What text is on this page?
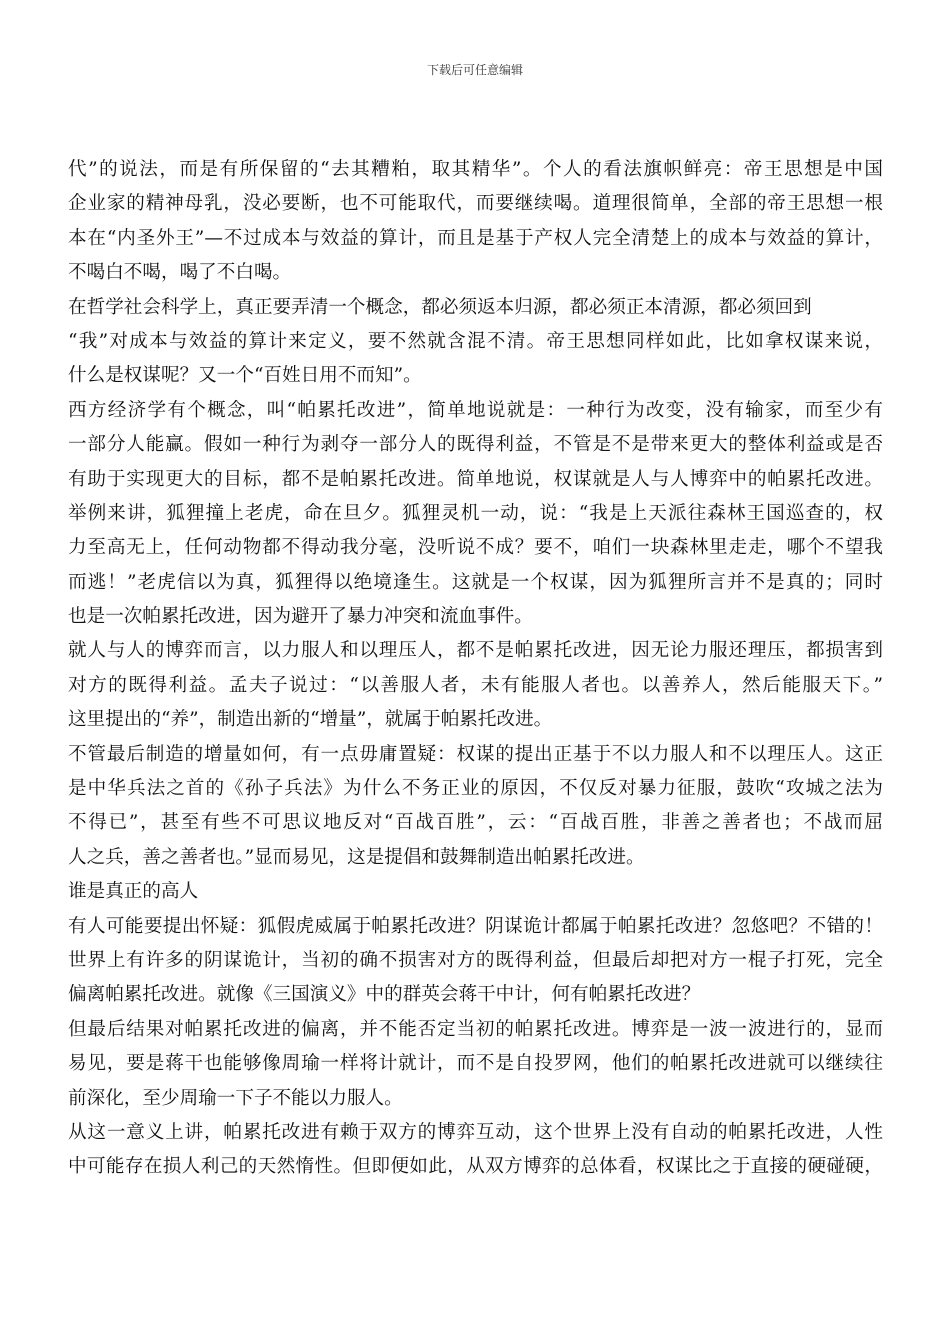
下载后可任意编辑
代”的说法，而是有所保留的“去其糟粕，取其精华”。个人的看法旗帜鲜亮：帝王思想是中国
企业家的精神母乳，没必要断，也不可能取代，而要继续喝。道理很简单，全部的帝王思想一根
本在“内圣外王”—不过成本与效益的算计，而且是基于产权人完全清楚上的成本与效益的算计，
不喝白不喝，喝了不白喝。
在哲学社会科学上，真正要弄清一个概念，都必须返本归源，都必须正本清源，都必须回到
“我”对成本与效益的算计来定义，要不然就含混不清。帝王思想同样如此，比如拿权谋来说，
什么是权谋呢？又一个“百姓日用不而知”。
西方经济学有个概念，叫“帕累托改进”，简单地说就是：一种行为改变，没有输家，而至少有
一部分人能赢。假如一种行为剥夺一部分人的既得利益，不管是不是带来更大的整体利益或是否
有助于实现更大的目标，都不是帕累托改进。简单地说，权谋就是人与人博弈中的帕累托改进。
举例来讲，狐狸撞上老虎，命在旦夕。狐狸灵机一动，说：“我是上天派往森林王国巡查的，权
力至高无上，任何动物都不得动我分毫，没听说不成？要不，咱们一块森林里走走，哪个不望我
而逃！”老虎信以为真，狐狸得以绝境逢生。这就是一个权谋，因为狐狸所言并不是真的；同时
也是一次帕累托改进，因为避开了暴力冲突和流血事件。
就人与人的博弈而言，以力服人和以理压人，都不是帕累托改进，因无论力服还理压，都损害到
对方的既得利益。孟夫子说过：“以善服人者，未有能服人者也。以善养人，然后能服天下。”
这里提出的“养”，制造出新的“增量”，就属于帕累托改进。
不管最后制造的增量如何，有一点毋庸置疑：权谋的提出正基于不以力服人和不以理压人。这正
是中华兵法之首的《孙子兵法》为什么不务正业的原因，不仅反对暴力征服，鼓吹“攻城之法为
不得已”，甚至有些不可思议地反对“百战百胜”，云：“百战百胜，非善之善者也；不战而屈
人之兵，善之善者也。”显而易见，这是提倡和鼓舞制造出帕累托改进。
谁是真正的高人
有人可能要提出怀疑：狐假虎威属于帕累托改进？阴谋诡计都属于帕累托改进？忽悠吧？不错的！
世界上有许多的阴谋诡计，当初的确不损害对方的既得利益，但最后却把对方一棍子打死，完全
偏离帕累托改进。就像《三国演义》中的群英会蒋干中计，何有帕累托改进？
但最后结果对帕累托改进的偏离，并不能否定当初的帕累托改进。博弈是一波一波进行的，显而
易见，要是蒋干也能够像周瑜一样将计就计，而不是自投罗网，他们的帕累托改进就可以继续往
前深化，至少周瑜一下子不能以力服人。
从这一意义上讲，帕累托改进有赖于双方的博弈互动，这个世界上没有自动的帕累托改进，人性
中可能存在损人利己的天然惰性。但即便如此，从双方博弈的总体看，权谋比之于直接的硬碰硬，
